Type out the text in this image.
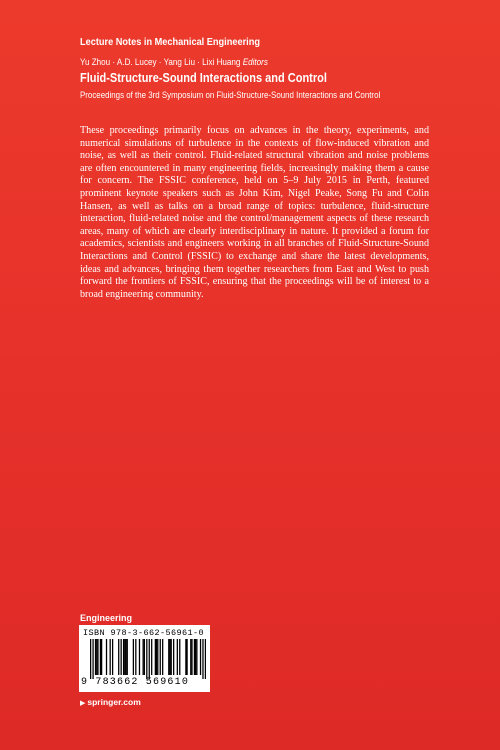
Lecture Notes in Mechanical Engineering
Yu Zhou · A.D. Lucey · Yang Liu · Lixi Huang Editors
Fluid-Structure-Sound Interactions and Control
Proceedings of the 3rd Symposium on Fluid-Structure-Sound Interactions and Control

These proceedings primarily focus on advances in the theory, experiments, and numerical simulations of turbulence in the contexts of flow-induced vibration and noise, as well as their control. Fluid-related structural vibration and noise problems are often encountered in many engineering fields, increasingly making them a cause for concern. The FSSIC conference, held on 5–9 July 2015 in Perth, featured prominent keynote speakers such as John Kim, Nigel Peake, Song Fu and Colin Hansen, as well as talks on a broad range of topics: turbulence, fluid-structure interaction, fluid-related noise and the control/management aspects of these research areas, many of which are clearly interdisciplinary in nature. It provided a forum for academics, scientists and engineers working in all branches of Fluid-Structure-Sound Interactions and Control (FSSIC) to exchange and share the latest developments, ideas and advances, bringing them together researchers from East and West to push forward the frontiers of FSSIC, ensuring that the proceedings will be of interest to a broad engineering community.

Engineering
ISBN 978-3-662-56961-0
9 783662 569610
▶ springer.com
